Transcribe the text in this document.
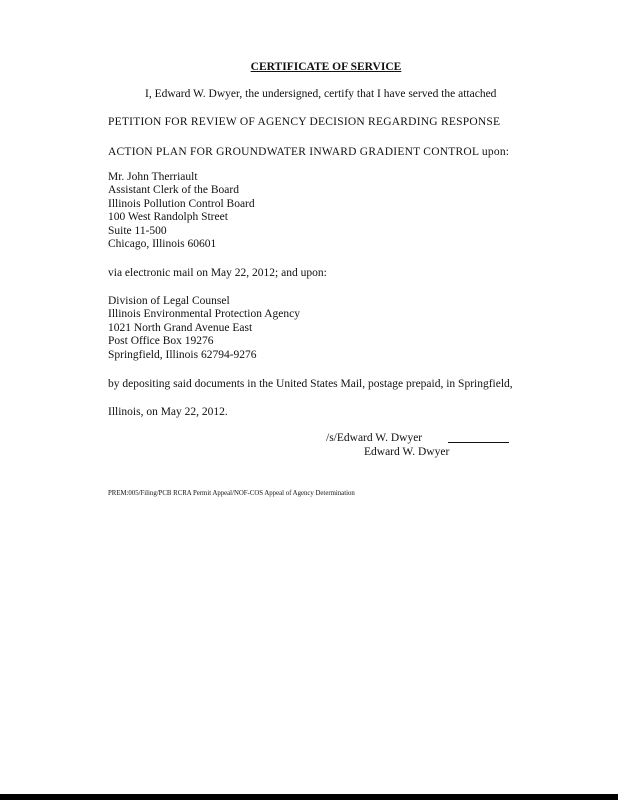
CERTIFICATE OF SERVICE
I, Edward W. Dwyer, the undersigned, certify that I have served the attached
PETITION FOR REVIEW OF AGENCY DECISION REGARDING RESPONSE
ACTION PLAN FOR GROUNDWATER INWARD GRADIENT CONTROL upon:
Mr. John Therriault
Assistant Clerk of the Board
Illinois Pollution Control Board
100 West Randolph Street
Suite 11-500
Chicago, Illinois 60601
via electronic mail on May 22, 2012; and upon:
Division of Legal Counsel
Illinois Environmental Protection Agency
1021 North Grand Avenue East
Post Office Box 19276
Springfield, Illinois 62794-9276
by depositing said documents in the United States Mail, postage prepaid, in Springfield,
Illinois, on May 22, 2012.
/s/Edward W. Dwyer
Edward W. Dwyer
PREM:005/Filing/PCB RCRA Permit Appeal/NOF-COS Appeal of Agency Determination
